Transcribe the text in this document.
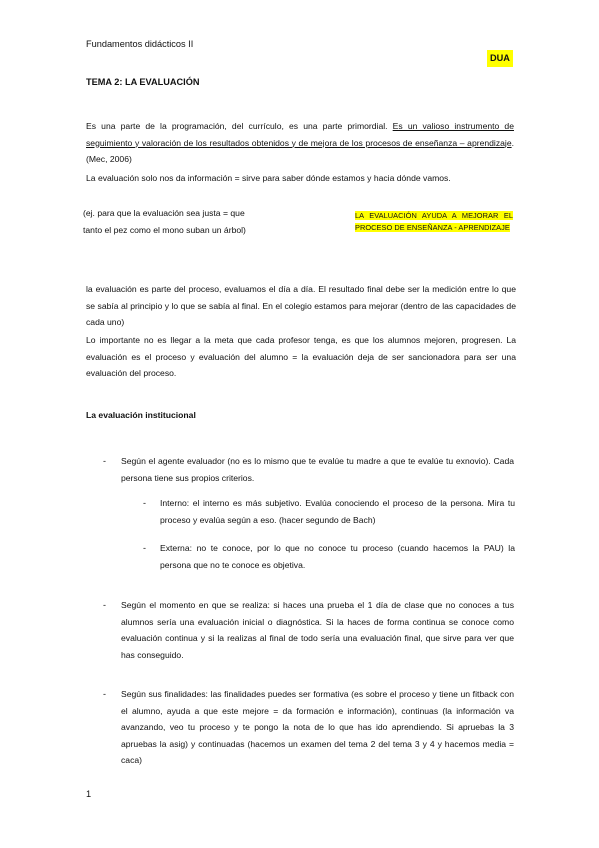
Fundamentos didácticos II
DUA
TEMA 2: LA EVALUACIÓN

Es una parte de la programación, del currículo, es una parte primordial. Es un valioso instrumento de seguimiento y valoración de los resultados obtenidos y de mejora de los procesos de enseñanza – aprendizaje. (Mec, 2006)

La evaluación solo nos da información = sirve para saber dónde estamos y hacia dónde vamos.

(ej. para que la evaluación sea justa = que
tanto el pez como el mono suban un árbol)
LA EVALUACIÓN AYUDA A MEJORAR EL PROCESO DE ENSEÑANZA - APRENDIZAJE

la evaluación es parte del proceso, evaluamos el día a día. El resultado final debe ser la medición entre lo que se sabía al principio y lo que se sabía al final. En el colegio estamos para mejorar (dentro de las capacidades de cada uno)

Lo importante no es llegar a la meta que cada profesor tenga, es que los alumnos mejoren, progresen. La evaluación es el proceso y evaluación del alumno = la evaluación deja de ser sancionadora para ser una evaluación del proceso.

La evaluación institucional
- Según el agente evaluador (no es lo mismo que te evalúe tu madre a que te evalúe tu exnovio). Cada persona tiene sus propios criterios.

- Interno: el interno es más subjetivo. Evalúa conociendo el proceso de la persona. Mira tu proceso y evalúa según a eso. (hacer segundo de Bach)

- Externa: no te conoce, por lo que no conoce tu proceso (cuando hacemos la PAU) la persona que no te conoce es objetiva.

- Según el momento en que se realiza: si haces una prueba el 1 día de clase que no conoces a tus alumnos sería una evaluación inicial o diagnóstica. Si la haces de forma continua se conoce como evaluación continua y si la realizas al final de todo sería una evaluación final, que sirve para ver que has conseguido.

- Según sus finalidades: las finalidades puedes ser formativa (es sobre el proceso y tiene un fitback con el alumno, ayuda a que este mejore = da formación e información), continuas (la información va avanzando, veo tu proceso y te pongo la nota de lo que has ido aprendiendo. Si apruebas la 3 apruebas la asig) y continuadas (hacemos un examen del tema 2 del tema 3 y 4 y hacemos media = caca)

1
